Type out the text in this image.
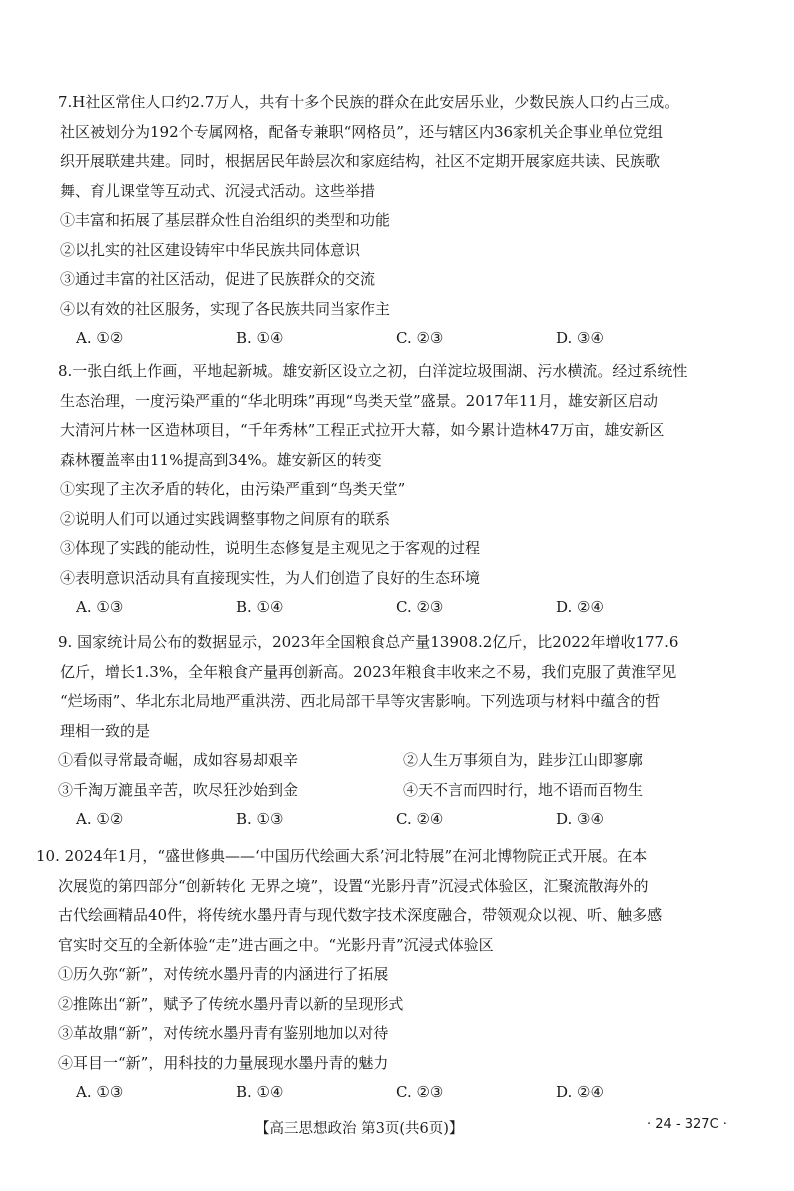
7.H社区常住人口约2.7万人，共有十多个民族的群众在此安居乐业，少数民族人口约占三成。
社区被划分为192个专属网格，配备专兼职“网格员”，还与辖区内36家机关企事业单位党组
织开展联建共建。同时，根据居民年龄层次和家庭结构，社区不定期开展家庭共读、民族歌
舞、育儿课堂等互动式、沉浸式活动。这些举措
①丰富和拓展了基层群众性自治组织的类型和功能
②以扎实的社区建设铸牢中华民族共同体意识
③通过丰富的社区活动，促进了民族群众的交流
④以有效的社区服务，实现了各民族共同当家作主
A. ①②	B. ①④	C. ②③	D. ③④
8.一张白纸上作画，平地起新城。雄安新区设立之初，白洋淀垃圾围湖、污水横流。经过系统性
生态治理，一度污染严重的“华北明珠”再现“鸟类天堂”盛景。2017年11月，雄安新区启动
大清河片林一区造林项目，“千年秀林”工程正式拉开大幕，如今累计造林47万亩，雄安新区
森林覆盖率由11%提高到34%。雄安新区的转变
①实现了主次矛盾的转化，由污染严重到“鸟类天堂”
②说明人们可以通过实践调整事物之间原有的联系
③体现了实践的能动性，说明生态修复是主观见之于客观的过程
④表明意识活动具有直接现实性，为人们创造了良好的生态环境
A. ①③	B. ①④	C. ②③	D. ②④
9. 国家统计局公布的数据显示，2023年全国粮食总产量13908.2亿斤，比2022年增收177.6
亿斤，增长1.3%，全年粮食产量再创新高。2023年粮食丰收来之不易，我们克服了黄淮罕见
“烂场雨”、华北东北局地严重洪涝、西北局部干旱等灾害影响。下列选项与材料中蕴含的哲
理相一致的是
①看似寻常最奇崛，成如容易却艰辛	②人生万事须自为，跬步江山即寥廓
③千淘万漉虽辛苦，吹尽狂沙始到金	④天不言而四时行，地不语而百物生
A. ①②	B. ①③	C. ②④	D. ③④
10. 2024年1月，“盛世修典——‘中国历代绘画大系’河北特展”在河北博物院正式开展。在本
次展览的第四部分“创新转化 无界之境”，设置“光影丹青”沉浸式体验区，汇聚流散海外的
古代绘画精品40件，将传统水墨丹青与现代数字技术深度融合，带领观众以视、听、触多感
官实时交互的全新体验“走”进古画之中。“光影丹青”沉浸式体验区
①历久弥“新”，对传统水墨丹青的内涵进行了拓展
②推陈出“新”，赋予了传统水墨丹青以新的呈现形式
③革故鼎“新”，对传统水墨丹青有鉴别地加以对待
④耳目一“新”，用科技的力量展现水墨丹青的魅力
A. ①③	B. ①④	C. ②③	D. ②④
【高三思想政治 第3页(共6页)】	· 24 - 327C ·
